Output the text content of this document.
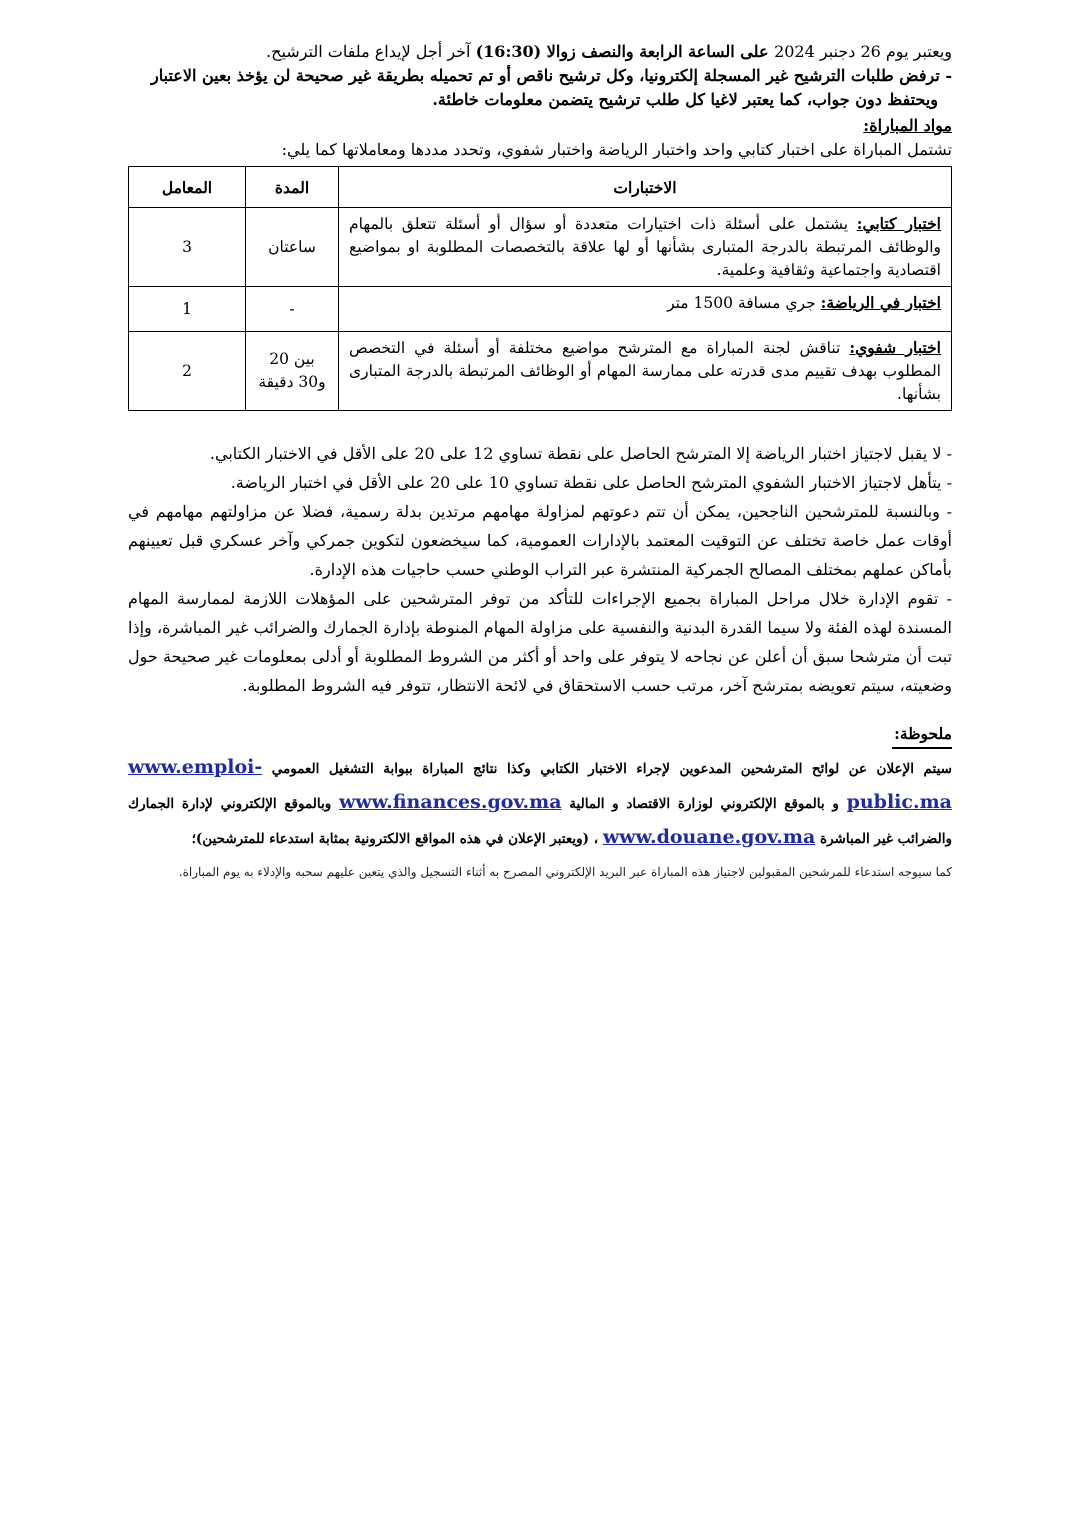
ويعتبر يوم 26 دجنبر 2024 على الساعة الرابعة والنصف زوالا (16:30) آخر أجل لإيداع ملفات الترشيح.

- ترفض طلبات الترشيح غير المسجلة إلكترونيا، وكل ترشيح ناقص أو تم تحميله بطريقة غير صحيحة لن يؤخذ بعين الاعتبار

ويحتفظ دون جواب، كما يعتبر لاغيا كل طلب ترشيح يتضمن معلومات خاطئة.

مواد المباراة:

تشتمل المباراة على اختبار كتابي واحد واختبار الرياضة واختبار شفوي، وتحدد مددها ومعاملاتها كما يلي:

الاختبارات	المدة	المعامل
اختبار كتابي: يشتمل على أسئلة ذات اختيارات متعددة أو سؤال أو أسئلة تتعلق بالمهام والوظائف المرتبطة بالدرجة المتبارى بشأنها أو لها علاقة بالتخصصات المطلوبة او بمواضيع اقتصادية واجتماعية وثقافية وعلمية.	ساعتان	3
اختبار في الرياضة: جري مسافة 1500 متر	-	1
اختبار شفوي: تناقش لجنة المباراة مع المترشح مواضيع مختلفة أو أسئلة في التخصص المطلوب بهدف تقييم مدى قدرته على ممارسة المهام أو الوظائف المرتبطة بالدرجة المتبارى بشأنها.	بين 20 و30 دقيقة	2

- لا يقبل لاجتياز اختبار الرياضة إلا المترشح الحاصل على نقطة تساوي 12 على 20 على الأقل في الاختبار الكتابي.

- يتأهل لاجتياز الاختبار الشفوي المترشح الحاصل على نقطة تساوي 10 على 20 على الأقل في اختبار الرياضة.

- وبالنسبة للمترشحين الناجحين، يمكن أن تتم دعوتهم لمزاولة مهامهم مرتدين بدلة رسمية، فضلا عن مزاولتهم مهامهم في أوقات عمل خاصة تختلف عن التوقيت المعتمد بالإدارات العمومية، كما سيخضعون لتكوين جمركي وآخر عسكري قبل تعيينهم بأماكن عملهم بمختلف المصالح الجمركية المنتشرة عبر التراب الوطني حسب حاجيات هذه الإدارة.

- تقوم الإدارة خلال مراحل المباراة بجميع الإجراءات للتأكد من توفر المترشحين على المؤهلات اللازمة لممارسة المهام المسندة لهذه الفئة ولا سيما القدرة البدنية والنفسية على مزاولة المهام المنوطة بإدارة الجمارك والضرائب غير المباشرة، وإذا تبت أن مترشحا سبق أن أعلن عن نجاحه لا يتوفر على واحد أو أكثر من الشروط المطلوبة أو أدلى بمعلومات غير صحيحة حول وضعيته، سيتم تعويضه بمترشح آخر، مرتب حسب الاستحقاق في لائحة الانتظار، تتوفر فيه الشروط المطلوبة.

ملحوظة:
سيتم الإعلان عن لوائح المترشحين المدعوين لإجراء الاختبار الكتابي وكذا نتائج المباراة ببوابة التشغيل العمومي www.emploi-public.ma و بالموقع الإلكتروني لوزارة الاقتصاد و المالية www.finances.gov.ma وبالموقع الإلكتروني لإدارة الجمارك والضرائب غير المباشرة www.douane.gov.ma ، (ويعتبر الإعلان في هذه المواقع الالكترونية بمثابة استدعاء للمترشحين)؛

كما سيوجه استدعاء للمرشحين المقبولين لاجتياز هذه المباراة عبر البريد الإلكتروني المصرح به أثناء التسجيل والذي يتعين عليهم سحبه والإدلاء به يوم المباراة.
